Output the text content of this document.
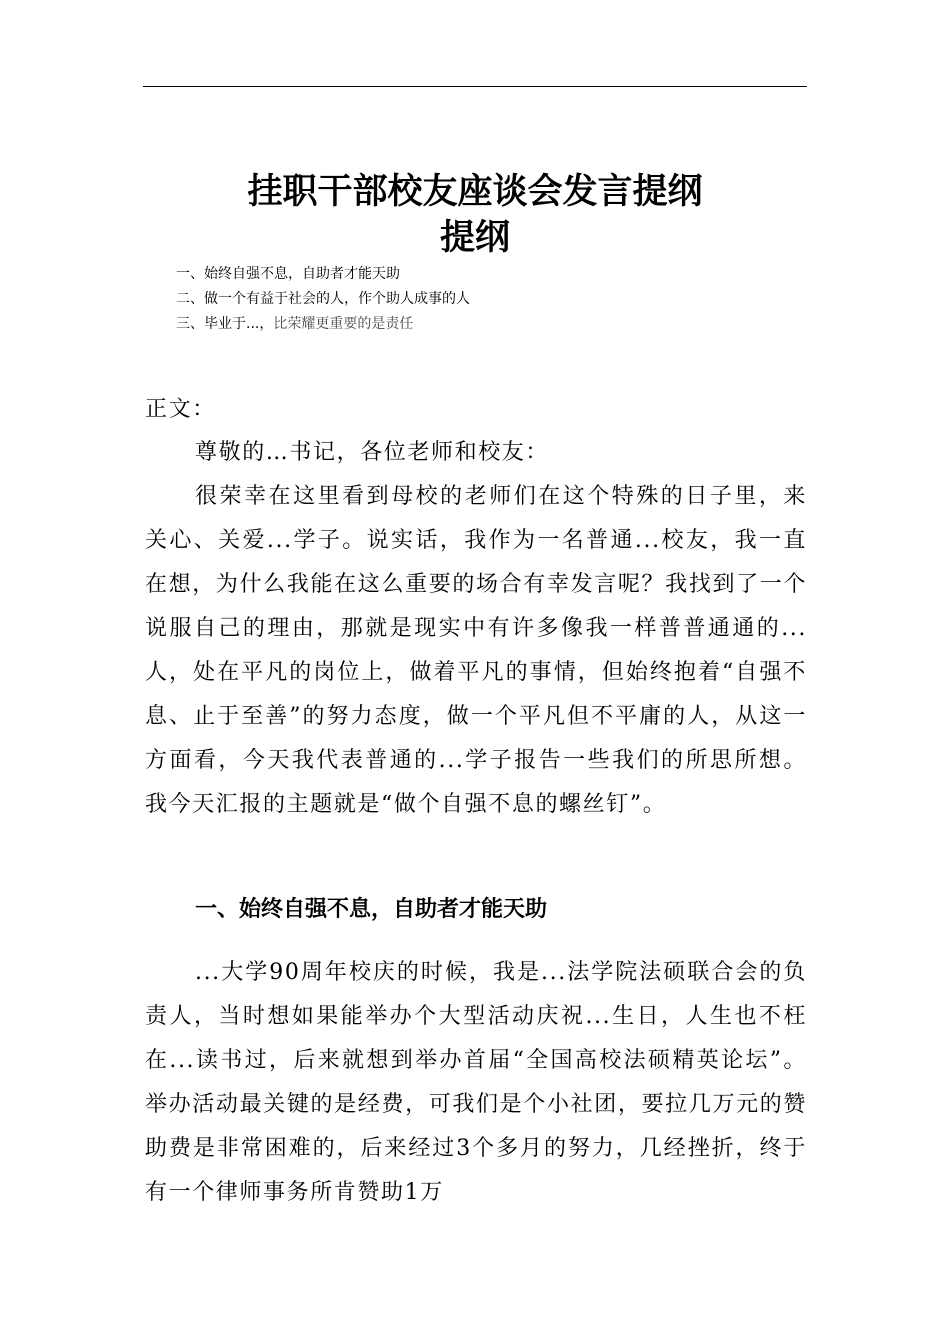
挂职干部校友座谈会发言提纲
提纲
一、始终自强不息，自助者才能天助
二、做一个有益于社会的人，作个助人成事的人
三、毕业于...，比荣耀更重要的是责任

正文：

尊敬的…书记，各位老师和校友：

很荣幸在这里看到母校的老师们在这个特殊的日子里，来关心、关爱...学子。说实话，我作为一名普通...校友，我一直在想，为什么我能在这么重要的场合有幸发言呢？我找到了一个说服自己的理由，那就是现实中有许多像我一样普普通通的...人，处在平凡的岗位上，做着平凡的事情，但始终抱着“自强不息、止于至善”的努力态度，做一个平凡但不平庸的人，从这一方面看，今天我代表普通的...学子报告一些我们的所思所想。我今天汇报的主题就是“做个自强不息的螺丝钉”。

一、始终自强不息，自助者才能天助

...大学90周年校庆的时候，我是...法学院法硕联合会的负责人，当时想如果能举办个大型活动庆祝...生日，人生也不枉在...读书过，后来就想到举办首届“全国高校法硕精英论坛”。举办活动最关键的是经费，可我们是个小社团，要拉几万元的赞助费是非常困难的，后来经过3个多月的努力，几经挫折，终于有一个律师事务所肯赞助1万
